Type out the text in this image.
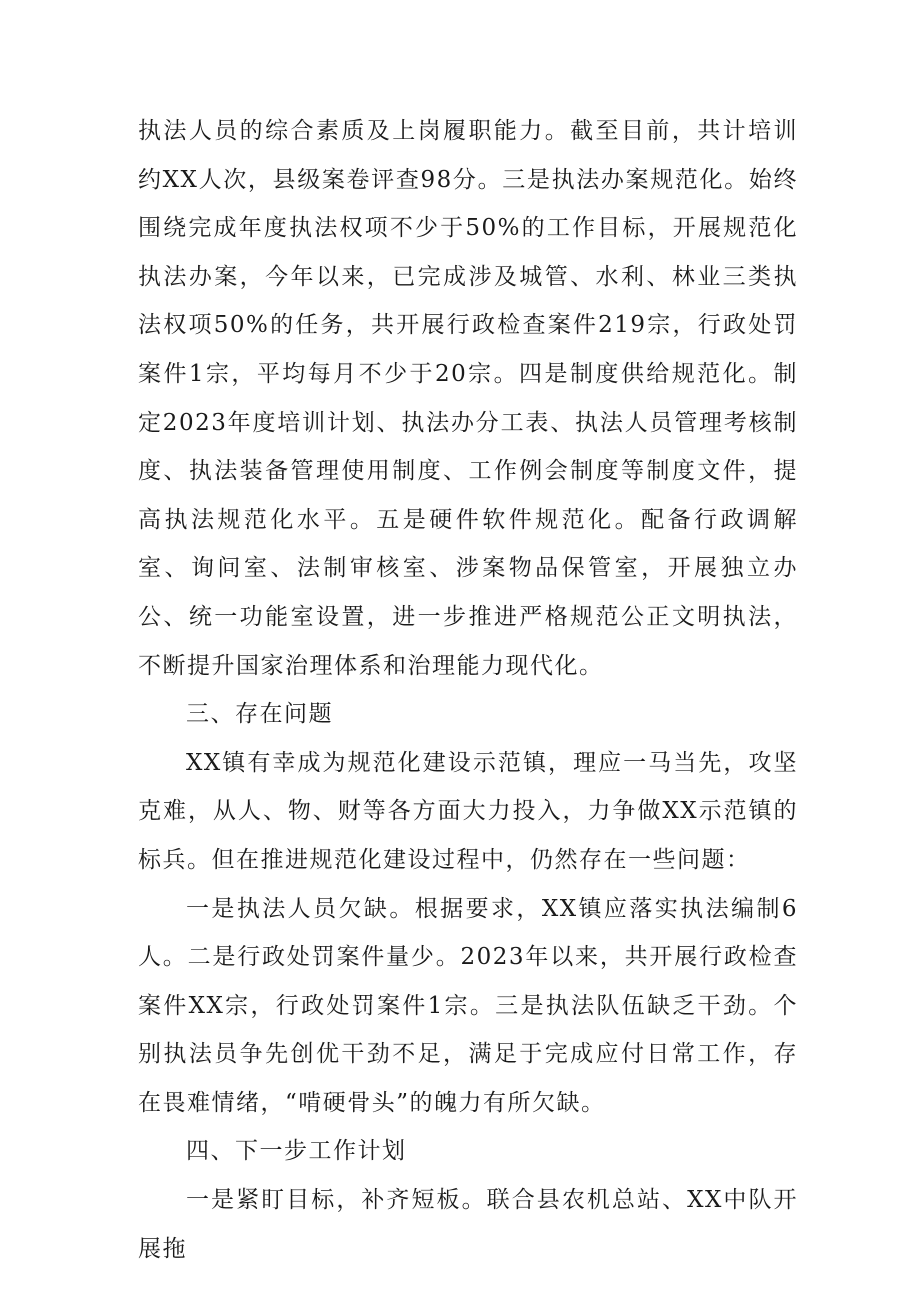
执法人员的综合素质及上岗履职能力。截至目前，共计培训约XX人次，县级案卷评查98分。三是执法办案规范化。始终围绕完成年度执法权项不少于50%的工作目标，开展规范化执法办案，今年以来，已完成涉及城管、水利、林业三类执法权项50%的任务，共开展行政检查案件219宗，行政处罚案件1宗，平均每月不少于20宗。四是制度供给规范化。制定2023年度培训计划、执法办分工表、执法人员管理考核制度、执法装备管理使用制度、工作例会制度等制度文件，提高执法规范化水平。五是硬件软件规范化。配备行政调解室、询问室、法制审核室、涉案物品保管室，开展独立办公、统一功能室设置，进一步推进严格规范公正文明执法，不断提升国家治理体系和治理能力现代化。

三、存在问题

XX镇有幸成为规范化建设示范镇，理应一马当先，攻坚克难，从人、物、财等各方面大力投入，力争做XX示范镇的标兵。但在推进规范化建设过程中，仍然存在一些问题：

一是执法人员欠缺。根据要求，XX镇应落实执法编制6人。二是行政处罚案件量少。2023年以来，共开展行政检查案件XX宗，行政处罚案件1宗。三是执法队伍缺乏干劲。个别执法员争先创优干劲不足，满足于完成应付日常工作，存在畏难情绪，“啃硬骨头”的魄力有所欠缺。

四、下一步工作计划

一是紧盯目标，补齐短板。联合县农机总站、XX中队开展拖
